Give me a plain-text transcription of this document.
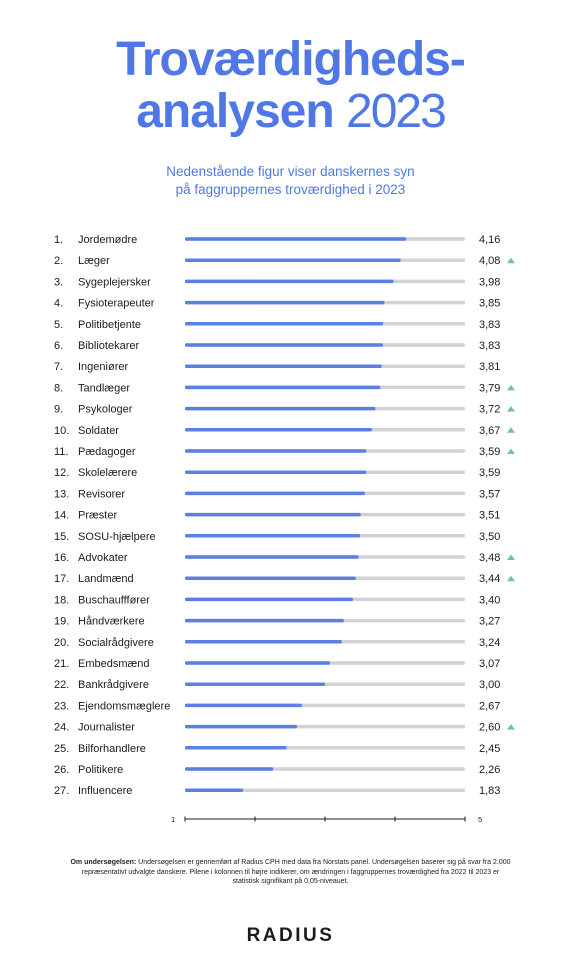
Troværdigheds-
analysen 2023
Nedenstående figur viser danskernes syn
på faggruppernes troværdighed i 2023
1. Jordemødre	4,16
2. Læger	4,08
3. Sygeplejersker	3,98
4. Fysioterapeuter	3,85
5. Politibetjente	3,83
6. Bibliotekarer	3,83
7. Ingeniører	3,81
8. Tandlæger	3,79
9. Psykologer	3,72
10. Soldater	3,67
11. Pædagoger	3,59
12. Skolelærere	3,59
13. Revisorer	3,57
14. Præster	3,51
15. SOSU-hjælpere	3,50
16. Advokater	3,48
17. Landmænd	3,44
18. Buschaufffører	3,40
19. Håndværkere	3,27
20. Socialrådgivere	3,24
21. Embedsmænd	3,07
22. Bankrådgivere	3,00
23. Ejendomsmæglere	2,67
24. Journalister	2,60
25. Bilforhandlere	2,45
26. Politikere	2,26
27. Influencere	1,83
1	5
Om undersøgelsen: Undersøgelsen er gennemført af Radius CPH med data fra Norstats panel. Undersøgelsen baserer sig på svar fra 2.000 repræsentativt udvalgte danskere. Pilene i kolonnen til højre indikerer, om ændringen i faggruppernes troværdighed fra 2022 til 2023 er statistisk signifikant på 0,05-niveauet.
RADIUS
